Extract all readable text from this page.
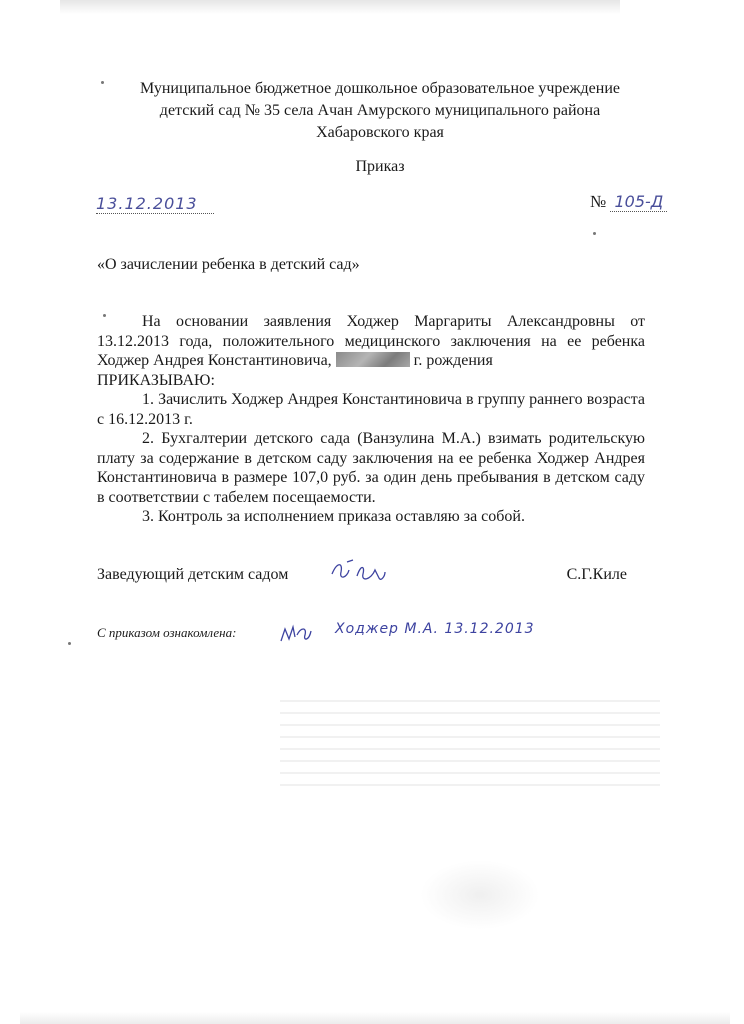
Муниципальное бюджетное дошкольное образовательное учреждение
детский сад № 35 села Ачан Амурского муниципального района
Хабаровского края
Приказ
13.12.2013	№ 105-Д
«О зачислении ребенка в детский сад»

На основании заявления Ходжер Маргариты Александровны от 13.12.2013 года, положительного медицинского заключения на ее ребенка Ходжер Андрея Константиновича,	г. рождения

ПРИКАЗЫВАЮ:

1. Зачислить Ходжер Андрея Константиновича в группу раннего возраста с 16.12.2013 г.

2. Бухгалтерии детского сада (Ванзулина М.А.) взимать родительскую плату за содержание в детском саду заключения на ее ребенка Ходжер Андрея Константиновича в размере 107,0 руб. за один день пребывания в детском саду в соответствии с табелем посещаемости.

3. Контроль за исполнением приказа оставляю за собой.

Заведующий детским садом	С.Г.Киле
С приказом ознакомлена:	Ходжер М.А. 13.12.2013
